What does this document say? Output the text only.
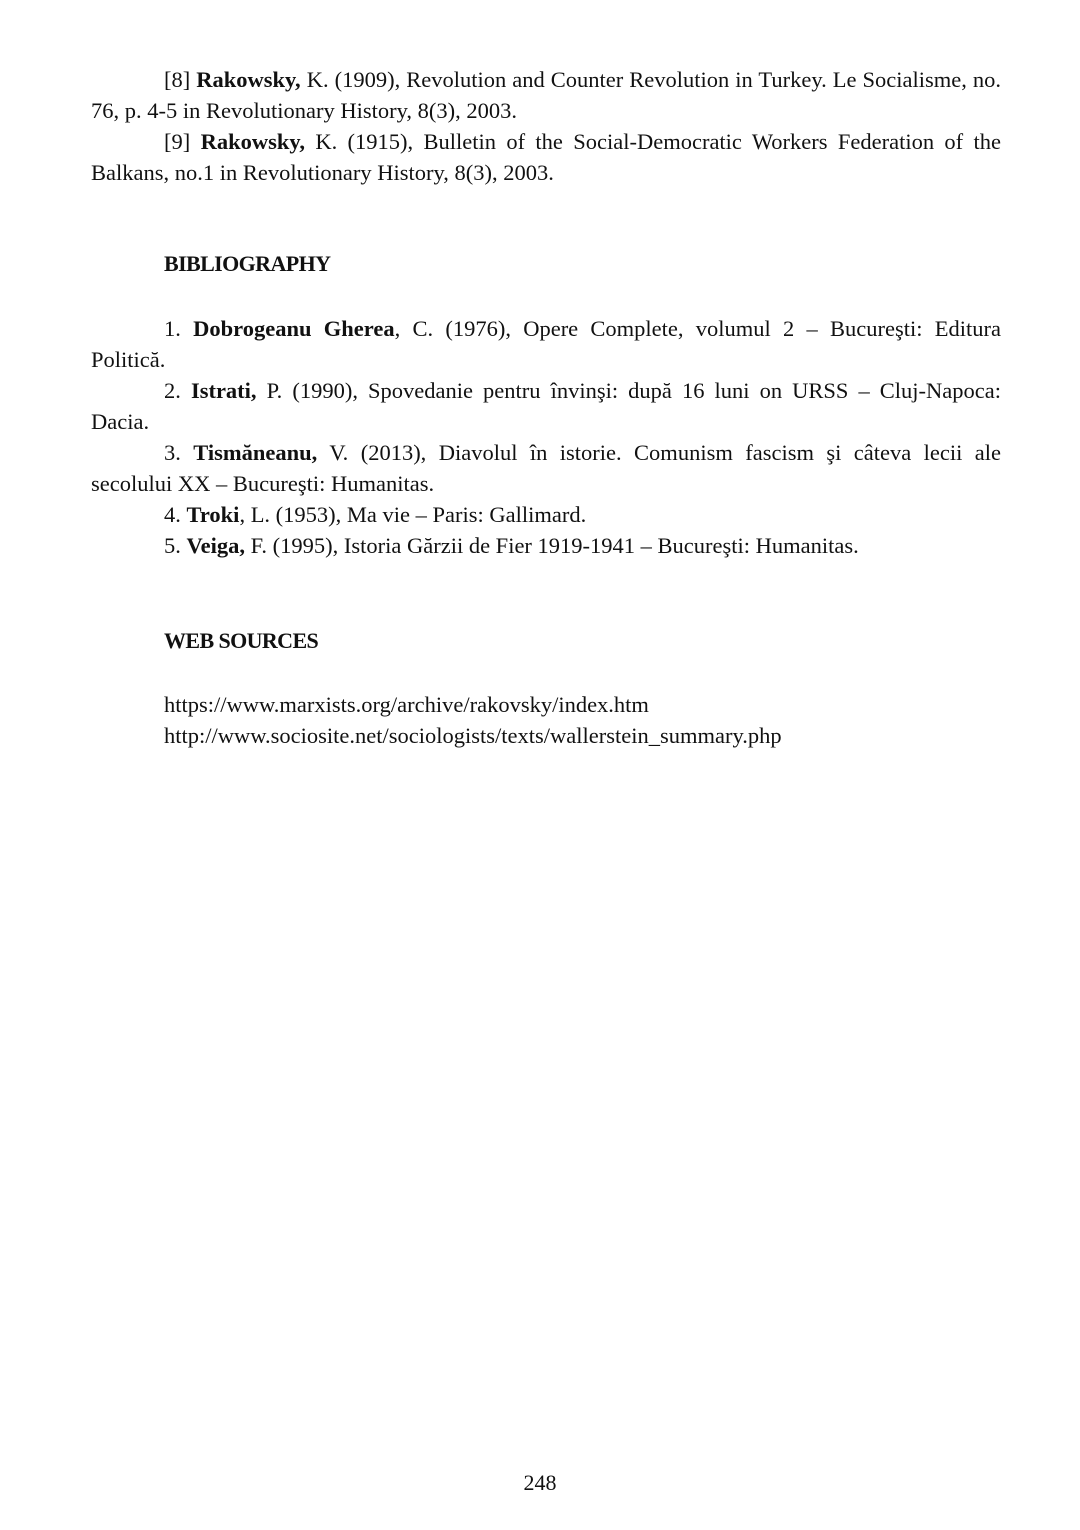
[8] Rakowsky, K. (1909), Revolution and Counter Revolution in Turkey. Le Socialisme, no. 76, p. 4-5 in Revolutionary History, 8(3), 2003.

[9] Rakowsky, K. (1915), Bulletin of the Social-Democratic Workers Federation of the Balkans, no.1 in Revolutionary History, 8(3), 2003.

BIBLIOGRAPHY

1. Dobrogeanu Gherea, C. (1976), Opere Complete, volumul 2 – Bucureşti: Editura Politică.

2. Istrati, P. (1990), Spovedanie pentru învinşi: după 16 luni on URSS – Cluj-Napoca: Dacia.

3. Tismăneanu, V. (2013), Diavolul în istorie. Comunism fascism şi câteva lecii ale secolului XX – Bucureşti: Humanitas.

4. Troki, L. (1953), Ma vie – Paris: Gallimard.

5. Veiga, F. (1995), Istoria Gărzii de Fier 1919-1941 – Bucureşti: Humanitas.

WEB SOURCES
https://www.marxists.org/archive/rakovsky/index.htm
http://www.sociosite.net/sociologists/texts/wallerstein_summary.php
248
